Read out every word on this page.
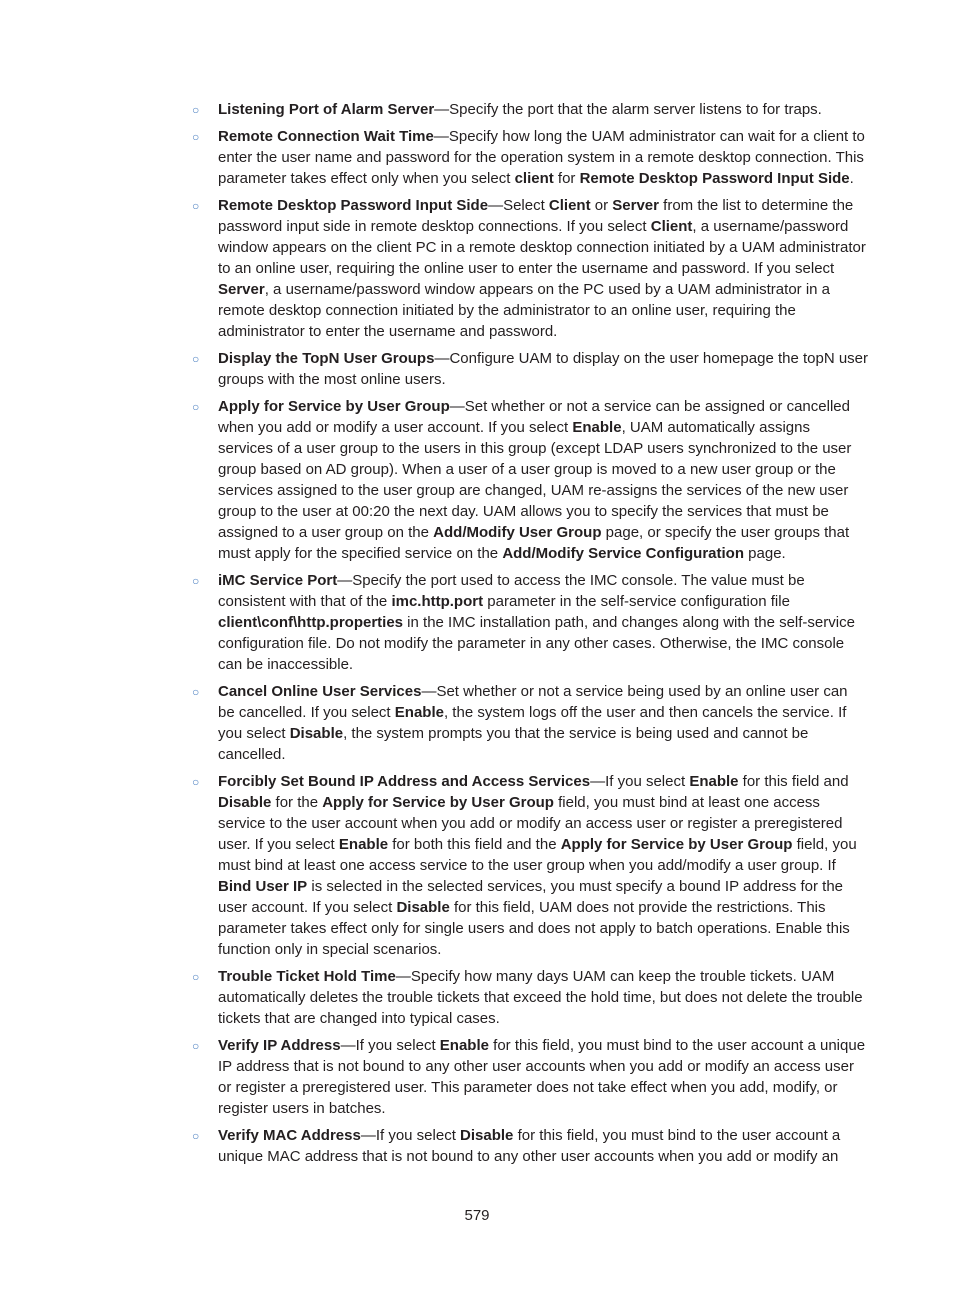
○ Listening Port of Alarm Server—Specify the port that the alarm server listens to for traps.
○ Remote Connection Wait Time—Specify how long the UAM administrator can wait for a client to enter the user name and password for the operation system in a remote desktop connection. This parameter takes effect only when you select client for Remote Desktop Password Input Side.
○ Remote Desktop Password Input Side—Select Client or Server from the list to determine the password input side in remote desktop connections. If you select Client, a username/password window appears on the client PC in a remote desktop connection initiated by a UAM administrator to an online user, requiring the online user to enter the username and password. If you select Server, a username/password window appears on the PC used by a UAM administrator in a remote desktop connection initiated by the administrator to an online user, requiring the administrator to enter the username and password.
○ Display the TopN User Groups—Configure UAM to display on the user homepage the topN user groups with the most online users.
○ Apply for Service by User Group—Set whether or not a service can be assigned or cancelled when you add or modify a user account. If you select Enable, UAM automatically assigns services of a user group to the users in this group (except LDAP users synchronized to the user group based on AD group). When a user of a user group is moved to a new user group or the services assigned to the user group are changed, UAM re-assigns the services of the new user group to the user at 00:20 the next day. UAM allows you to specify the services that must be assigned to a user group on the Add/Modify User Group page, or specify the user groups that must apply for the specified service on the Add/Modify Service Configuration page.
○ iMC Service Port—Specify the port used to access the IMC console. The value must be consistent with that of the imc.http.port parameter in the self-service configuration file client\conf\http.properties in the IMC installation path, and changes along with the self-service configuration file. Do not modify the parameter in any other cases. Otherwise, the IMC console can be inaccessible.
○ Cancel Online User Services—Set whether or not a service being used by an online user can be cancelled. If you select Enable, the system logs off the user and then cancels the service. If you select Disable, the system prompts you that the service is being used and cannot be cancelled.
○ Forcibly Set Bound IP Address and Access Services—If you select Enable for this field and Disable for the Apply for Service by User Group field, you must bind at least one access service to the user account when you add or modify an access user or register a preregistered user. If you select Enable for both this field and the Apply for Service by User Group field, you must bind at least one access service to the user group when you add/modify a user group. If Bind User IP is selected in the selected services, you must specify a bound IP address for the user account. If you select Disable for this field, UAM does not provide the restrictions. This parameter takes effect only for single users and does not apply to batch operations. Enable this function only in special scenarios.
○ Trouble Ticket Hold Time—Specify how many days UAM can keep the trouble tickets. UAM automatically deletes the trouble tickets that exceed the hold time, but does not delete the trouble tickets that are changed into typical cases.
○ Verify IP Address—If you select Enable for this field, you must bind to the user account a unique IP address that is not bound to any other user accounts when you add or modify an access user or register a preregistered user. This parameter does not take effect when you add, modify, or register users in batches.
○ Verify MAC Address—If you select Disable for this field, you must bind to the user account a unique MAC address that is not bound to any other user accounts when you add or modify an
579
